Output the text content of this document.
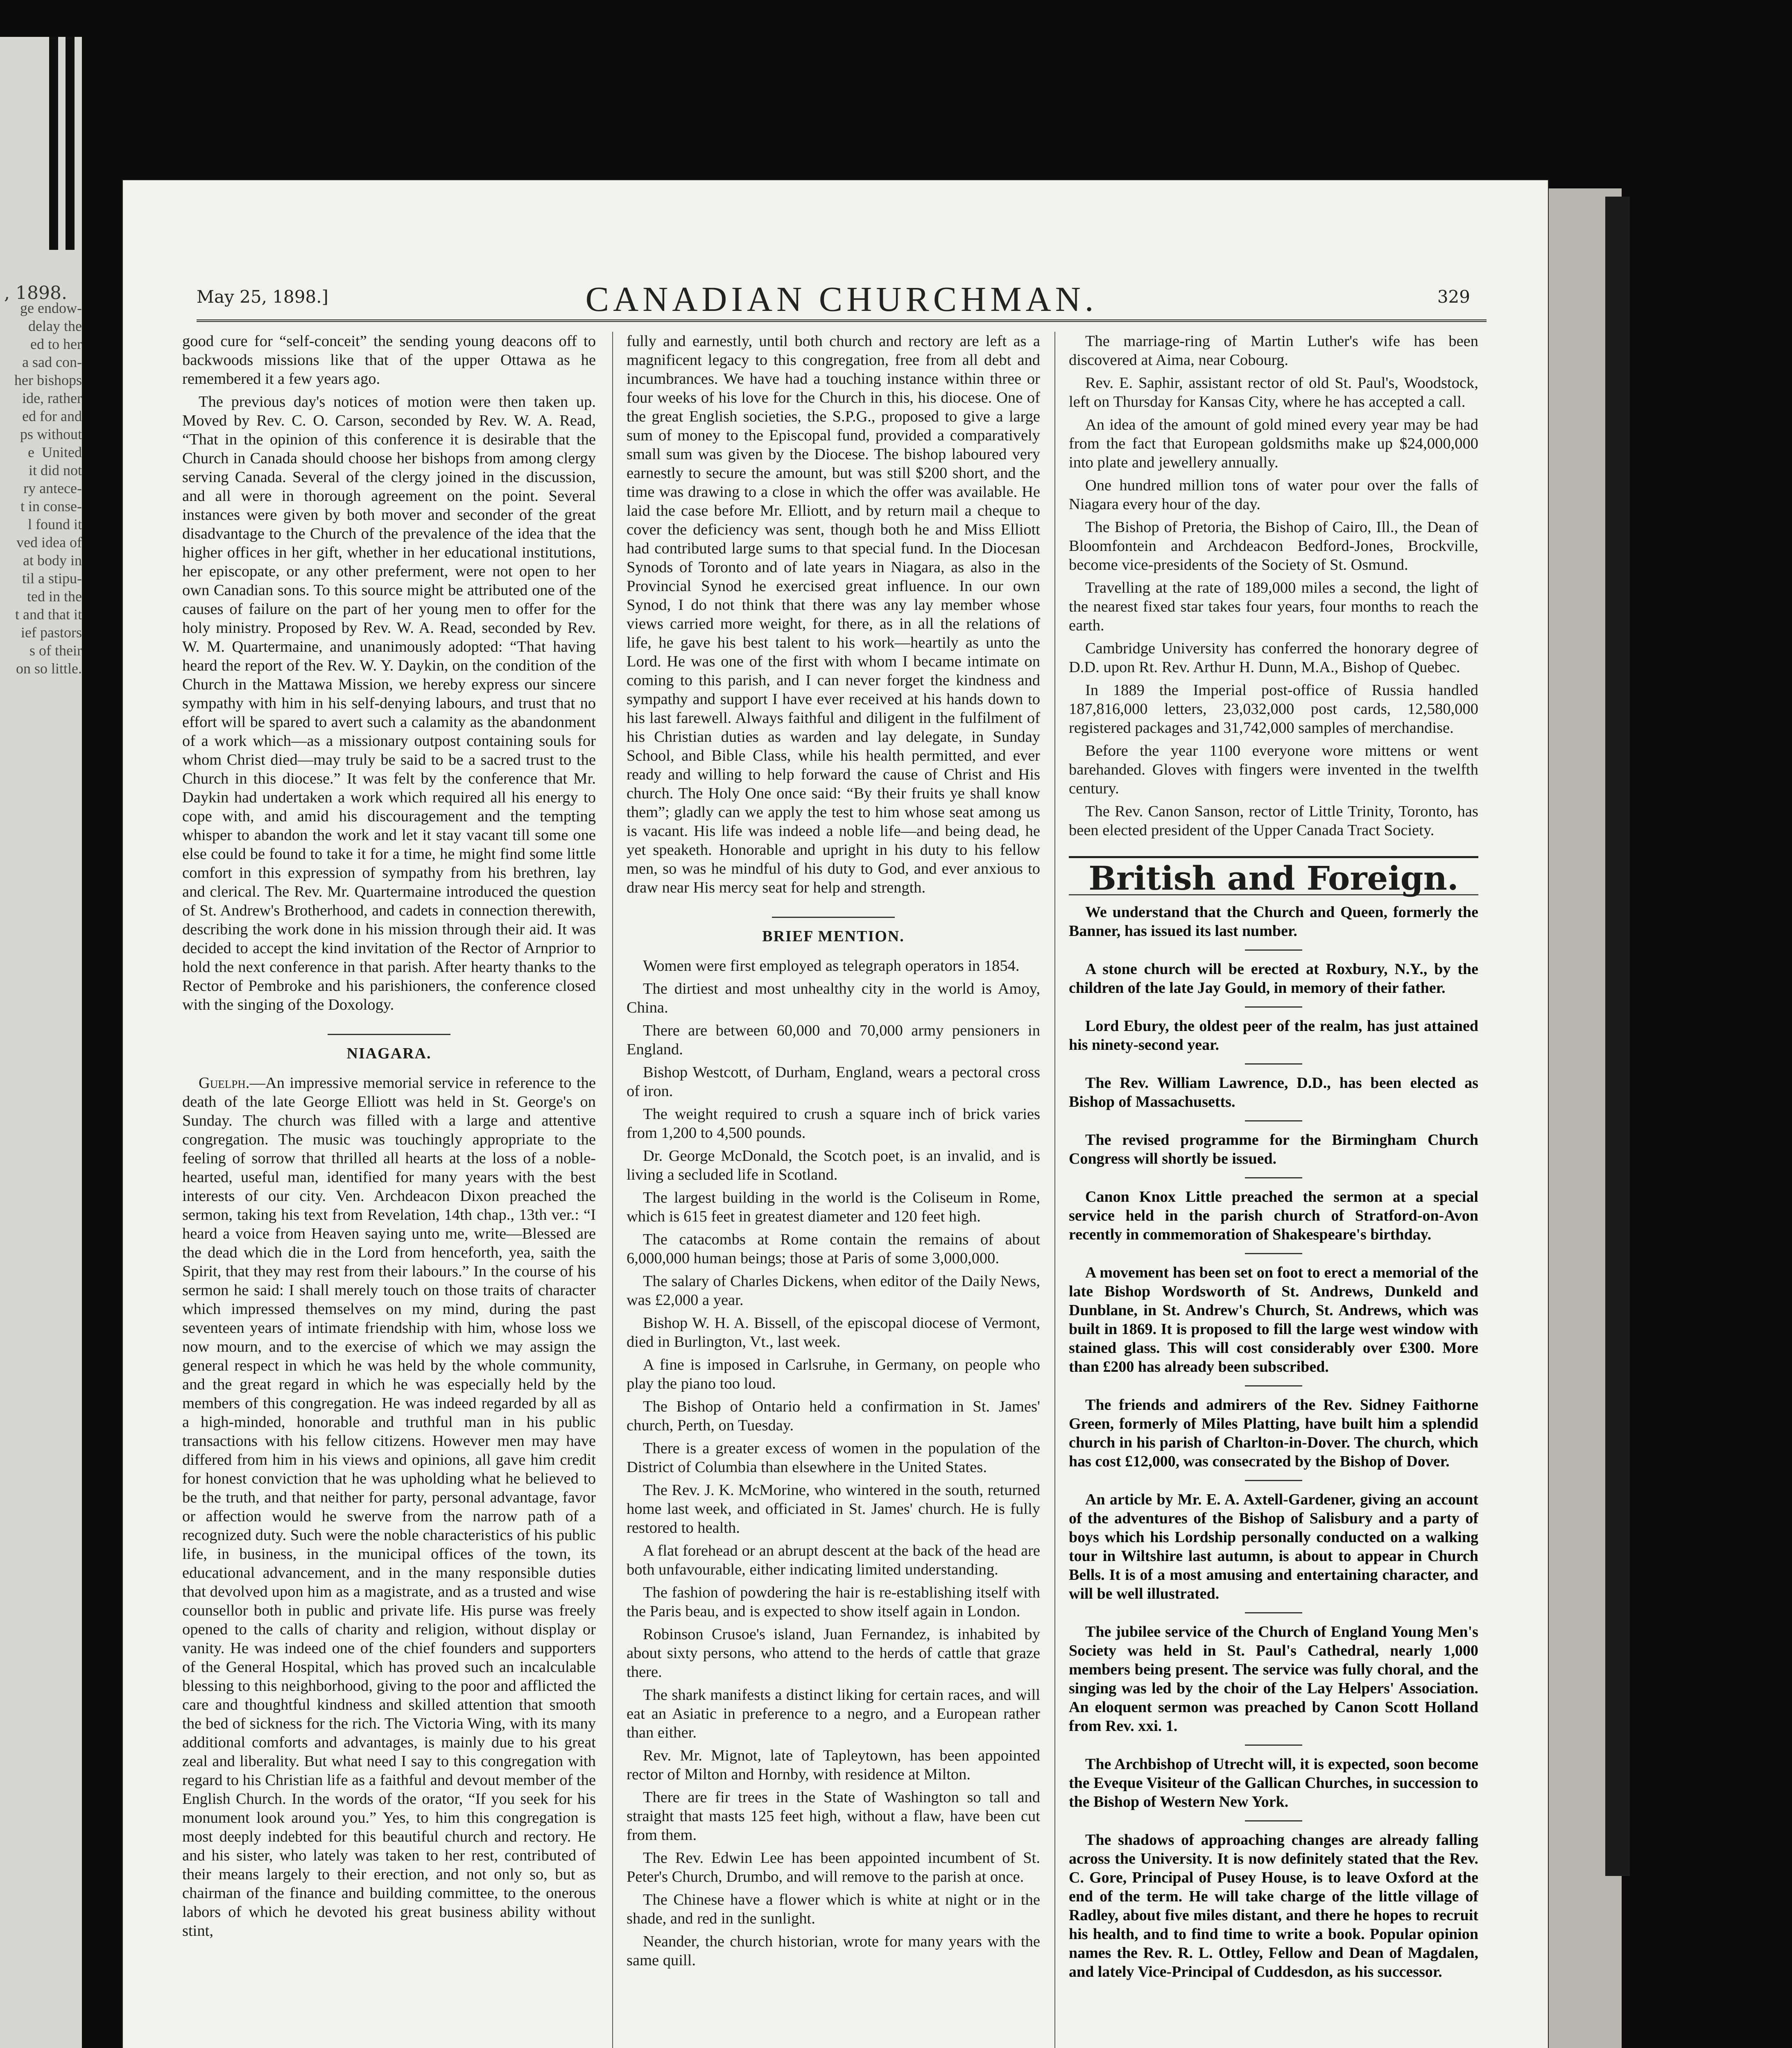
, 1898.
ge endow-
delay the
ed to her
a sad con-
her bishops
ide, rather
ed for and
ps without
e  United
it did not
ry antece-
t in conse-
l found it
ved idea of
at body in
til a stipu-
ted in the
t and that it
ief pastors
s of their
on so little.
May 25, 1898.]	CANADIAN CHURCHMAN.	329

good cure for “self-conceit” the sending young deacons off to backwoods missions like that of the upper Ottawa as he remembered it a few years ago.

The previous day's notices of motion were then taken up. Moved by Rev. C. O. Carson, seconded by Rev. W. A. Read, “That in the opinion of this conference it is desirable that the Church in Canada should choose her bishops from among clergy serving Canada. Several of the clergy joined in the discussion, and all were in thorough agreement on the point. Several instances were given by both mover and seconder of the great disadvantage to the Church of the prevalence of the idea that the higher offices in her gift, whether in her educational institutions, her episcopate, or any other preferment, were not open to her own Canadian sons. To this source might be attributed one of the causes of failure on the part of her young men to offer for the holy ministry. Proposed by Rev. W. A. Read, seconded by Rev. W. M. Quartermaine, and unanimously adopted: “That having heard the report of the Rev. W. Y. Daykin, on the condition of the Church in the Mattawa Mission, we hereby express our sincere sympathy with him in his self-denying labours, and trust that no effort will be spared to avert such a calamity as the abandonment of a work which—as a missionary outpost containing souls for whom Christ died—may truly be said to be a sacred trust to the Church in this diocese.” It was felt by the conference that Mr. Daykin had undertaken a work which required all his energy to cope with, and amid his discouragement and the tempting whisper to abandon the work and let it stay vacant till some one else could be found to take it for a time, he might find some little comfort in this expression of sympathy from his brethren, lay and clerical. The Rev. Mr. Quartermaine introduced the question of St. Andrew's Brotherhood, and cadets in connection therewith, describing the work done in his mission through their aid. It was decided to accept the kind invitation of the Rector of Arnprior to hold the next conference in that parish. After hearty thanks to the Rector of Pembroke and his parishioners, the conference closed with the singing of the Doxology.

NIAGARA.

Guelph.—An impressive memorial service in reference to the death of the late George Elliott was held in St. George's on Sunday. The church was filled with a large and attentive congregation. The music was touchingly appropriate to the feeling of sorrow that thrilled all hearts at the loss of a noble-hearted, useful man, identified for many years with the best interests of our city. Ven. Archdeacon Dixon preached the sermon, taking his text from Revelation, 14th chap., 13th ver.: “I heard a voice from Heaven saying unto me, write—Blessed are the dead which die in the Lord from henceforth, yea, saith the Spirit, that they may rest from their labours.” In the course of his sermon he said: I shall merely touch on those traits of character which impressed themselves on my mind, during the past seventeen years of intimate friendship with him, whose loss we now mourn, and to the exercise of which we may assign the general respect in which he was held by the whole community, and the great regard in which he was especially held by the members of this congregation. He was indeed regarded by all as a high-minded, honorable and truthful man in his public transactions with his fellow citizens. However men may have differed from him in his views and opinions, all gave him credit for honest conviction that he was upholding what he believed to be the truth, and that neither for party, personal advantage, favor or affection would he swerve from the narrow path of a recognized duty. Such were the noble characteristics of his public life, in business, in the municipal offices of the town, its educational advancement, and in the many responsible duties that devolved upon him as a magistrate, and as a trusted and wise counsellor both in public and private life. His purse was freely opened to the calls of charity and religion, without display or vanity. He was indeed one of the chief founders and supporters of the General Hospital, which has proved such an incalculable blessing to this neighborhood, giving to the poor and afflicted the care and thoughtful kindness and skilled attention that smooth the bed of sickness for the rich. The Victoria Wing, with its many additional comforts and advantages, is mainly due to his great zeal and liberality. But what need I say to this congregation with regard to his Christian life as a faithful and devout member of the English Church. In the words of the orator, “If you seek for his monument look around you.” Yes, to him this congregation is most deeply indebted for this beautiful church and rectory. He and his sister, who lately was taken to her rest, contributed of their means largely to their erection, and not only so, but as chairman of the finance and building committee, to the onerous labors of which he devoted his great business ability without stint,

fully and earnestly, until both church and rectory are left as a magnificent legacy to this congregation, free from all debt and incumbrances. We have had a touching instance within three or four weeks of his love for the Church in this, his diocese. One of the great English societies, the S.P.G., proposed to give a large sum of money to the Episcopal fund, provided a comparatively small sum was given by the Diocese. The bishop laboured very earnestly to secure the amount, but was still $200 short, and the time was drawing to a close in which the offer was available. He laid the case before Mr. Elliott, and by return mail a cheque to cover the deficiency was sent, though both he and Miss Elliott had contributed large sums to that special fund. In the Diocesan Synods of Toronto and of late years in Niagara, as also in the Provincial Synod he exercised great influence. In our own Synod, I do not think that there was any lay member whose views carried more weight, for there, as in all the relations of life, he gave his best talent to his work—heartily as unto the Lord. He was one of the first with whom I became intimate on coming to this parish, and I can never forget the kindness and sympathy and support I have ever received at his hands down to his last farewell. Always faithful and diligent in the fulfilment of his Christian duties as warden and lay delegate, in Sunday School, and Bible Class, while his health permitted, and ever ready and willing to help forward the cause of Christ and His church. The Holy One once said: “By their fruits ye shall know them”; gladly can we apply the test to him whose seat among us is vacant. His life was indeed a noble life—and being dead, he yet speaketh. Honorable and upright in his duty to his fellow men, so was he mindful of his duty to God, and ever anxious to draw near His mercy seat for help and strength.

BRIEF MENTION.

Women were first employed as telegraph operators in 1854.

The dirtiest and most unhealthy city in the world is Amoy, China.

There are between 60,000 and 70,000 army pensioners in England.

Bishop Westcott, of Durham, England, wears a pectoral cross of iron.

The weight required to crush a square inch of brick varies from 1,200 to 4,500 pounds.

Dr. George McDonald, the Scotch poet, is an invalid, and is living a secluded life in Scotland.

The largest building in the world is the Coliseum in Rome, which is 615 feet in greatest diameter and 120 feet high.

The catacombs at Rome contain the remains of about 6,000,000 human beings; those at Paris of some 3,000,000.

The salary of Charles Dickens, when editor of the Daily News, was £2,000 a year.

Bishop W. H. A. Bissell, of the episcopal diocese of Vermont, died in Burlington, Vt., last week.

A fine is imposed in Carlsruhe, in Germany, on people who play the piano too loud.

The Bishop of Ontario held a confirmation in St. James' church, Perth, on Tuesday.

There is a greater excess of women in the population of the District of Columbia than elsewhere in the United States.

The Rev. J. K. McMorine, who wintered in the south, returned home last week, and officiated in St. James' church. He is fully restored to health.

A flat forehead or an abrupt descent at the back of the head are both unfavourable, either indicating limited understanding.

The fashion of powdering the hair is re-establishing itself with the Paris beau, and is expected to show itself again in London.

Robinson Crusoe's island, Juan Fernandez, is inhabited by about sixty persons, who attend to the herds of cattle that graze there.

The shark manifests a distinct liking for certain races, and will eat an Asiatic in preference to a negro, and a European rather than either.

Rev. Mr. Mignot, late of Tapleytown, has been appointed rector of Milton and Hornby, with residence at Milton.

There are fir trees in the State of Washington so tall and straight that masts 125 feet high, without a flaw, have been cut from them.

The Rev. Edwin Lee has been appointed incumbent of St. Peter's Church, Drumbo, and will remove to the parish at once.

The Chinese have a flower which is white at night or in the shade, and red in the sunlight.

Neander, the church historian, wrote for many years with the same quill.

The marriage-ring of Martin Luther's wife has been discovered at Aima, near Cobourg.

Rev. E. Saphir, assistant rector of old St. Paul's, Woodstock, left on Thursday for Kansas City, where he has accepted a call.

An idea of the amount of gold mined every year may be had from the fact that European goldsmiths make up $24,000,000 into plate and jewellery annually.

One hundred million tons of water pour over the falls of Niagara every hour of the day.

The Bishop of Pretoria, the Bishop of Cairo, Ill., the Dean of Bloomfontein and Archdeacon Bedford-Jones, Brockville, become vice-presidents of the Society of St. Osmund.

Travelling at the rate of 189,000 miles a second, the light of the nearest fixed star takes four years, four months to reach the earth.

Cambridge University has conferred the honorary degree of D.D. upon Rt. Rev. Arthur H. Dunn, M.A., Bishop of Quebec.

In 1889 the Imperial post-office of Russia handled 187,816,000 letters, 23,032,000 post cards, 12,580,000 registered packages and 31,742,000 samples of merchandise.

Before the year 1100 everyone wore mittens or went barehanded. Gloves with fingers were invented in the twelfth century.

The Rev. Canon Sanson, rector of Little Trinity, Toronto, has been elected president of the Upper Canada Tract Society.

British and Foreign.

We understand that the Church and Queen, formerly the Banner, has issued its last number.

A stone church will be erected at Roxbury, N.Y., by the children of the late Jay Gould, in memory of their father.

Lord Ebury, the oldest peer of the realm, has just attained his ninety-second year.

The Rev. William Lawrence, D.D., has been elected as Bishop of Massachusetts.

The revised programme for the Birmingham Church Congress will shortly be issued.

Canon Knox Little preached the sermon at a special service held in the parish church of Stratford-on-Avon recently in commemoration of Shakespeare's birthday.

A movement has been set on foot to erect a memorial of the late Bishop Wordsworth of St. Andrews, Dunkeld and Dunblane, in St. Andrew's Church, St. Andrews, which was built in 1869. It is proposed to fill the large west window with stained glass. This will cost considerably over £300. More than £200 has already been subscribed.

The friends and admirers of the Rev. Sidney Faithorne Green, formerly of Miles Platting, have built him a splendid church in his parish of Charlton-in-Dover. The church, which has cost £12,000, was consecrated by the Bishop of Dover.

An article by Mr. E. A. Axtell-Gardener, giving an account of the adventures of the Bishop of Salisbury and a party of boys which his Lordship personally conducted on a walking tour in Wiltshire last autumn, is about to appear in Church Bells. It is of a most amusing and entertaining character, and will be well illustrated.

The jubilee service of the Church of England Young Men's Society was held in St. Paul's Cathedral, nearly 1,000 members being present. The service was fully choral, and the singing was led by the choir of the Lay Helpers' Association. An eloquent sermon was preached by Canon Scott Holland from Rev. xxi. 1.

The Archbishop of Utrecht will, it is expected, soon become the Eveque Visiteur of the Gallican Churches, in succession to the Bishop of Western New York.

The shadows of approaching changes are already falling across the University. It is now definitely stated that the Rev. C. Gore, Principal of Pusey House, is to leave Oxford at the end of the term. He will take charge of the little village of Radley, about five miles distant, and there he hopes to recruit his health, and to find time to write a book. Popular opinion names the Rev. R. L. Ottley, Fellow and Dean of Magdalen, and lately Vice-Principal of Cuddesdon, as his successor.
